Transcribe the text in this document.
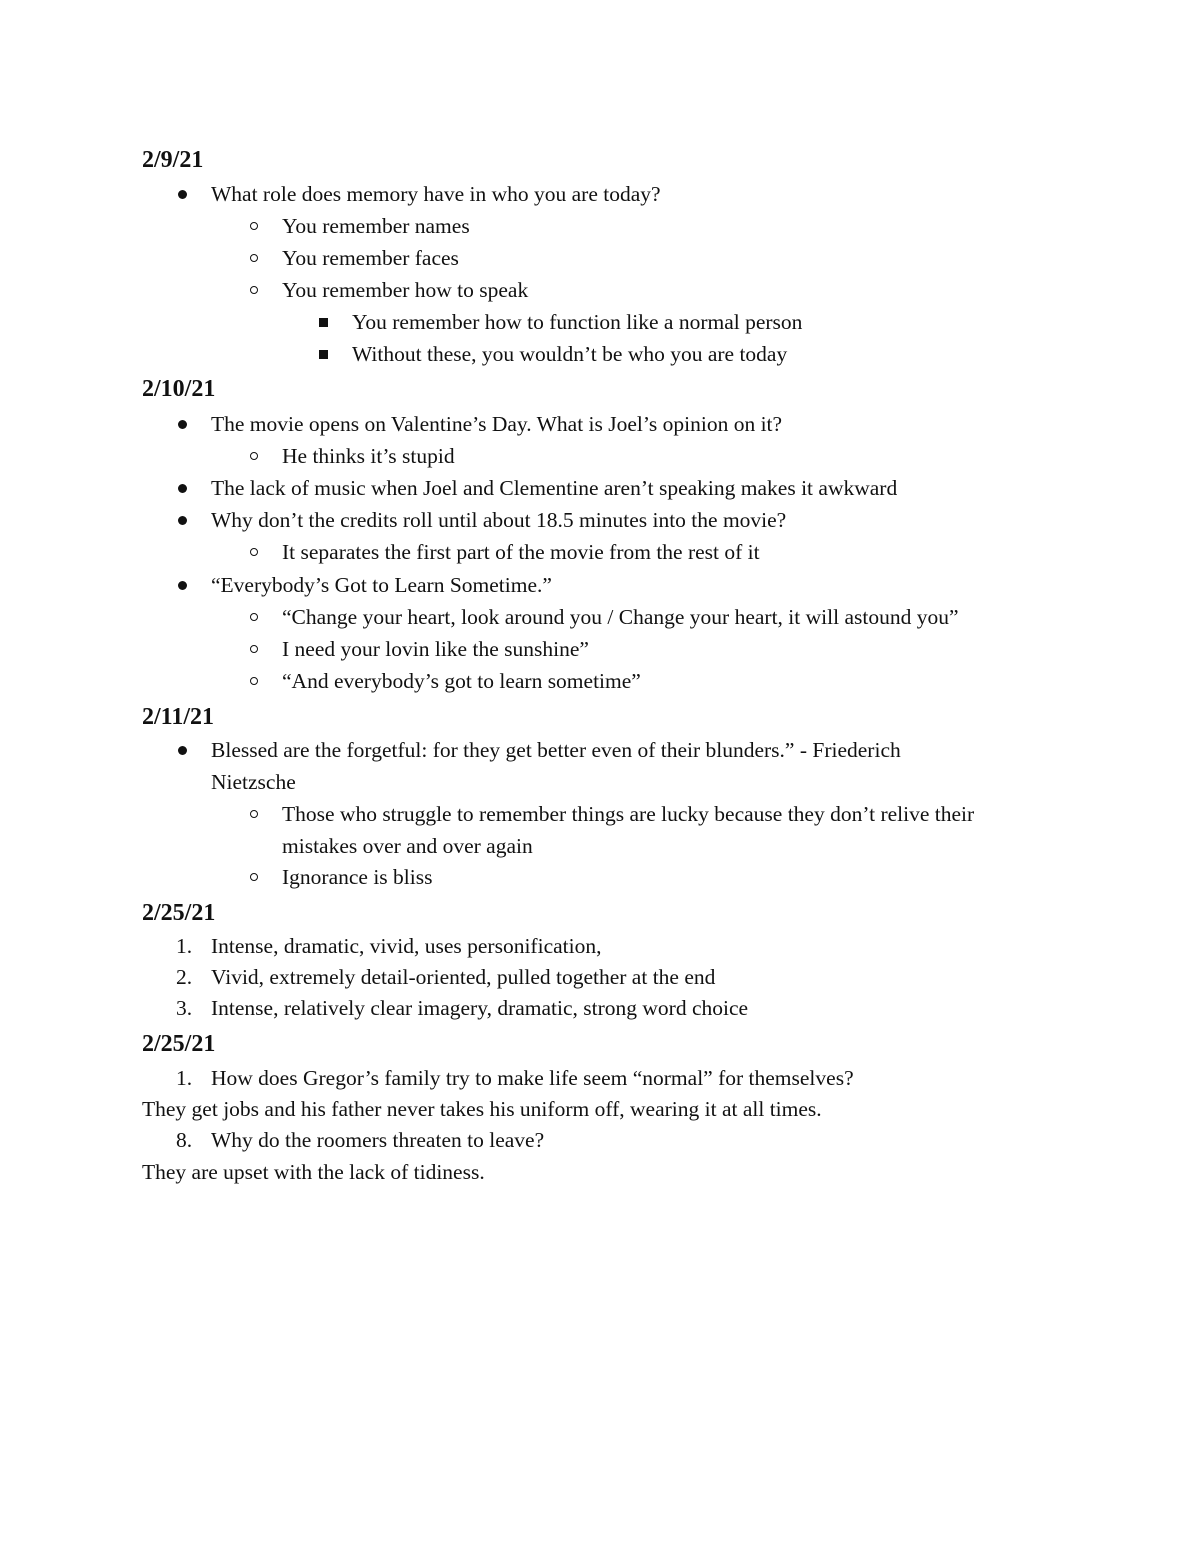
2/9/21
What role does memory have in who you are today?
You remember names
You remember faces
You remember how to speak
You remember how to function like a normal person
Without these, you wouldn’t be who you are today
2/10/21
The movie opens on Valentine’s Day. What is Joel’s opinion on it?
He thinks it’s stupid
The lack of music when Joel and Clementine aren’t speaking makes it awkward
Why don’t the credits roll until about 18.5 minutes into the movie?
It separates the first part of the movie from the rest of it
“Everybody’s Got to Learn Sometime.”
“Change your heart, look around you / Change your heart, it will astound you”
I need your lovin like the sunshine”
“And everybody’s got to learn sometime”
2/11/21
Blessed are the forgetful: for they get better even of their blunders.” - Friederich
Nietzsche
Those who struggle to remember things are lucky because they don’t relive their
mistakes over and over again
Ignorance is bliss
2/25/21
1. Intense, dramatic, vivid, uses personification,
2. Vivid, extremely detail-oriented, pulled together at the end
3. Intense, relatively clear imagery, dramatic, strong word choice
2/25/21
1. How does Gregor’s family try to make life seem “normal” for themselves?
They get jobs and his father never takes his uniform off, wearing it at all times.
8. Why do the roomers threaten to leave?
They are upset with the lack of tidiness.
